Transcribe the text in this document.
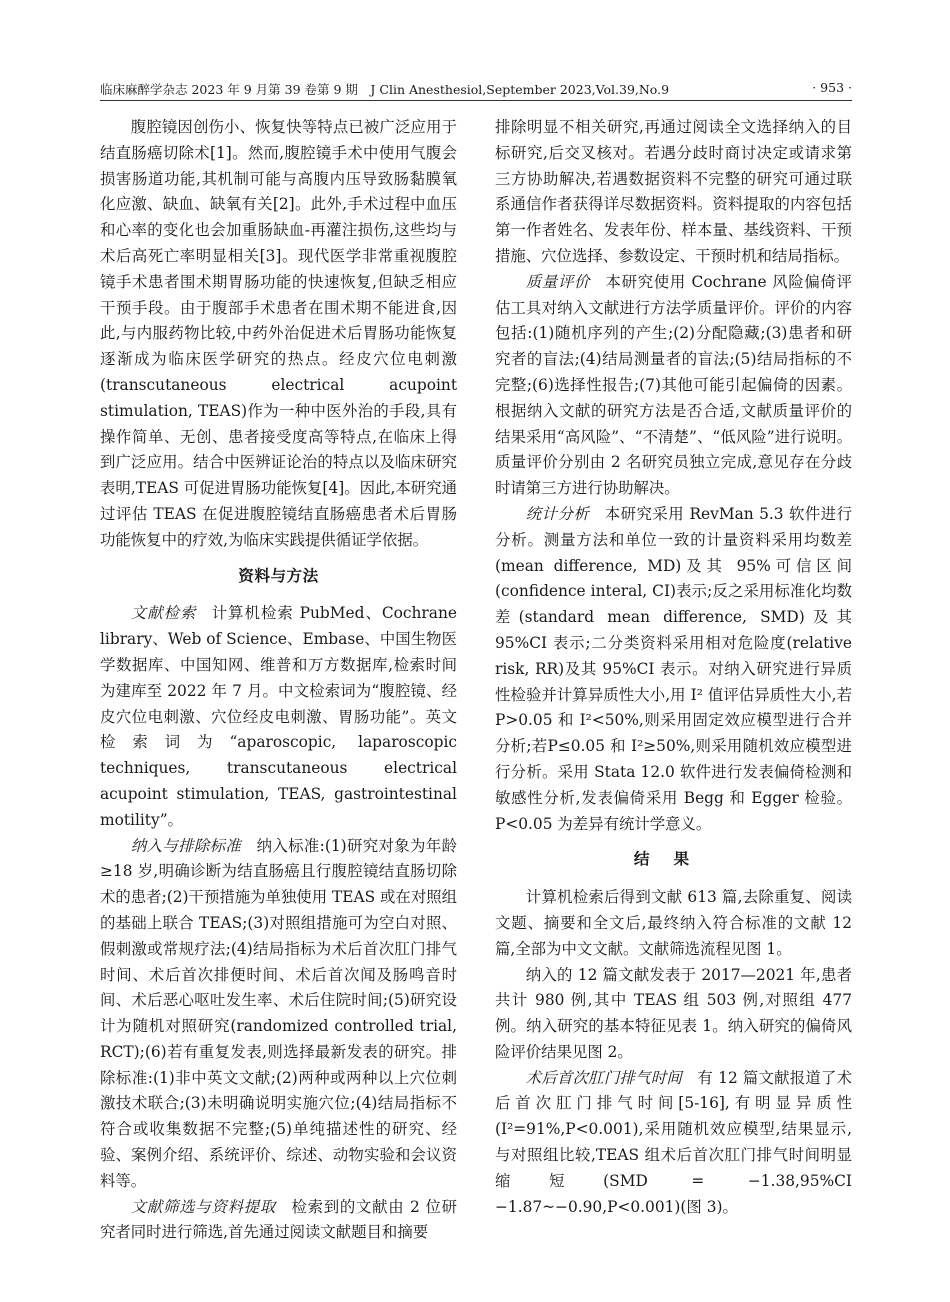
临床麻醉学杂志 2023 年 9 月第 39 卷第 9 期　J Clin Anesthesiol,September 2023,Vol.39,No.9	· 953 ·

腹腔镜因创伤小、恢复快等特点已被广泛应用于结直肠癌切除术[1]。然而,腹腔镜手术中使用气腹会损害肠道功能,其机制可能与高腹内压导致肠黏膜氧化应激、缺血、缺氧有关[2]。此外,手术过程中血压和心率的变化也会加重肠缺血-再灌注损伤,这些均与术后高死亡率明显相关[3]。现代医学非常重视腹腔镜手术患者围术期胃肠功能的快速恢复,但缺乏相应干预手段。由于腹部手术患者在围术期不能进食,因此,与内服药物比较,中药外治促进术后胃肠功能恢复逐渐成为临床医学研究的热点。经皮穴位电刺激(transcutaneous electrical acupoint stimulation, TEAS)作为一种中医外治的手段,具有操作简单、无创、患者接受度高等特点,在临床上得到广泛应用。结合中医辨证论治的特点以及临床研究表明,TEAS 可促进胃肠功能恢复[4]。因此,本研究通过评估 TEAS 在促进腹腔镜结直肠癌患者术后胃肠功能恢复中的疗效,为临床实践提供循证学依据。

资料与方法

文献检索 计算机检索 PubMed、Cochrane library、Web of Science、Embase、中国生物医学数据库、中国知网、维普和万方数据库,检索时间为建库至 2022 年 7 月。中文检索词为“腹腔镜、经皮穴位电刺激、穴位经皮电刺激、胃肠功能”。英文检索词为“aparoscopic, laparoscopic techniques, transcutaneous electrical acupoint stimulation, TEAS, gastrointestinal motility”。

纳入与排除标准 纳入标准:(1)研究对象为年龄≥18 岁,明确诊断为结直肠癌且行腹腔镜结直肠切除术的患者;(2)干预措施为单独使用 TEAS 或在对照组的基础上联合 TEAS;(3)对照组措施可为空白对照、假刺激或常规疗法;(4)结局指标为术后首次肛门排气时间、术后首次排便时间、术后首次闻及肠鸣音时间、术后恶心呕吐发生率、术后住院时间;(5)研究设计为随机对照研究(randomized controlled trial, RCT);(6)若有重复发表,则选择最新发表的研究。排除标准:(1)非中英文文献;(2)两种或两种以上穴位刺激技术联合;(3)未明确说明实施穴位;(4)结局指标不符合或收集数据不完整;(5)单纯描述性的研究、经验、案例介绍、系统评价、综述、动物实验和会议资料等。

文献筛选与资料提取 检索到的文献由 2 位研究者同时进行筛选,首先通过阅读文献题目和摘要

排除明显不相关研究,再通过阅读全文选择纳入的目标研究,后交叉核对。若遇分歧时商讨决定或请求第三方协助解决,若遇数据资料不完整的研究可通过联系通信作者获得详尽数据资料。资料提取的内容包括第一作者姓名、发表年份、样本量、基线资料、干预措施、穴位选择、参数设定、干预时机和结局指标。

质量评价 本研究使用 Cochrane 风险偏倚评估工具对纳入文献进行方法学质量评价。评价的内容包括:(1)随机序列的产生;(2)分配隐藏;(3)患者和研究者的盲法;(4)结局测量者的盲法;(5)结局指标的不完整;(6)选择性报告;(7)其他可能引起偏倚的因素。根据纳入文献的研究方法是否合适,文献质量评价的结果采用“高风险”、“不清楚”、“低风险”进行说明。质量评价分别由 2 名研究员独立完成,意见存在分歧时请第三方进行协助解决。

统计分析 本研究采用 RevMan 5.3 软件进行分析。测量方法和单位一致的计量资料采用均数差(mean difference, MD)及其 95%可信区间(confidence interal, CI)表示;反之采用标准化均数差(standard mean difference, SMD)及其 95%CI 表示;二分类资料采用相对危险度(relative risk, RR)及其 95%CI 表示。对纳入研究进行异质性检验并计算异质性大小,用 I² 值评估异质性大小,若 P>0.05 和 I²<50%,则采用固定效应模型进行合并分析;若P≤0.05 和 I²≥50%,则采用随机效应模型进行分析。采用 Stata 12.0 软件进行发表偏倚检测和敏感性分析,发表偏倚采用 Begg 和 Egger 检验。P<0.05 为差异有统计学意义。

结果

计算机检索后得到文献 613 篇,去除重复、阅读文题、摘要和全文后,最终纳入符合标准的文献 12 篇,全部为中文文献。文献筛选流程见图 1。

纳入的 12 篇文献发表于 2017—2021 年,患者共计 980 例,其中 TEAS 组 503 例,对照组 477 例。纳入研究的基本特征见表 1。纳入研究的偏倚风险评价结果见图 2。

术后首次肛门排气时间 有 12 篇文献报道了术后首次肛门排气时间[5-16],有明显异质性(I²=91%,P<0.001),采用随机效应模型,结果显示,与对照组比较,TEAS 组术后首次肛门排气时间明显缩短(SMD = −1.38,95%CI −1.87~−0.90,P<0.001)(图 3)。
